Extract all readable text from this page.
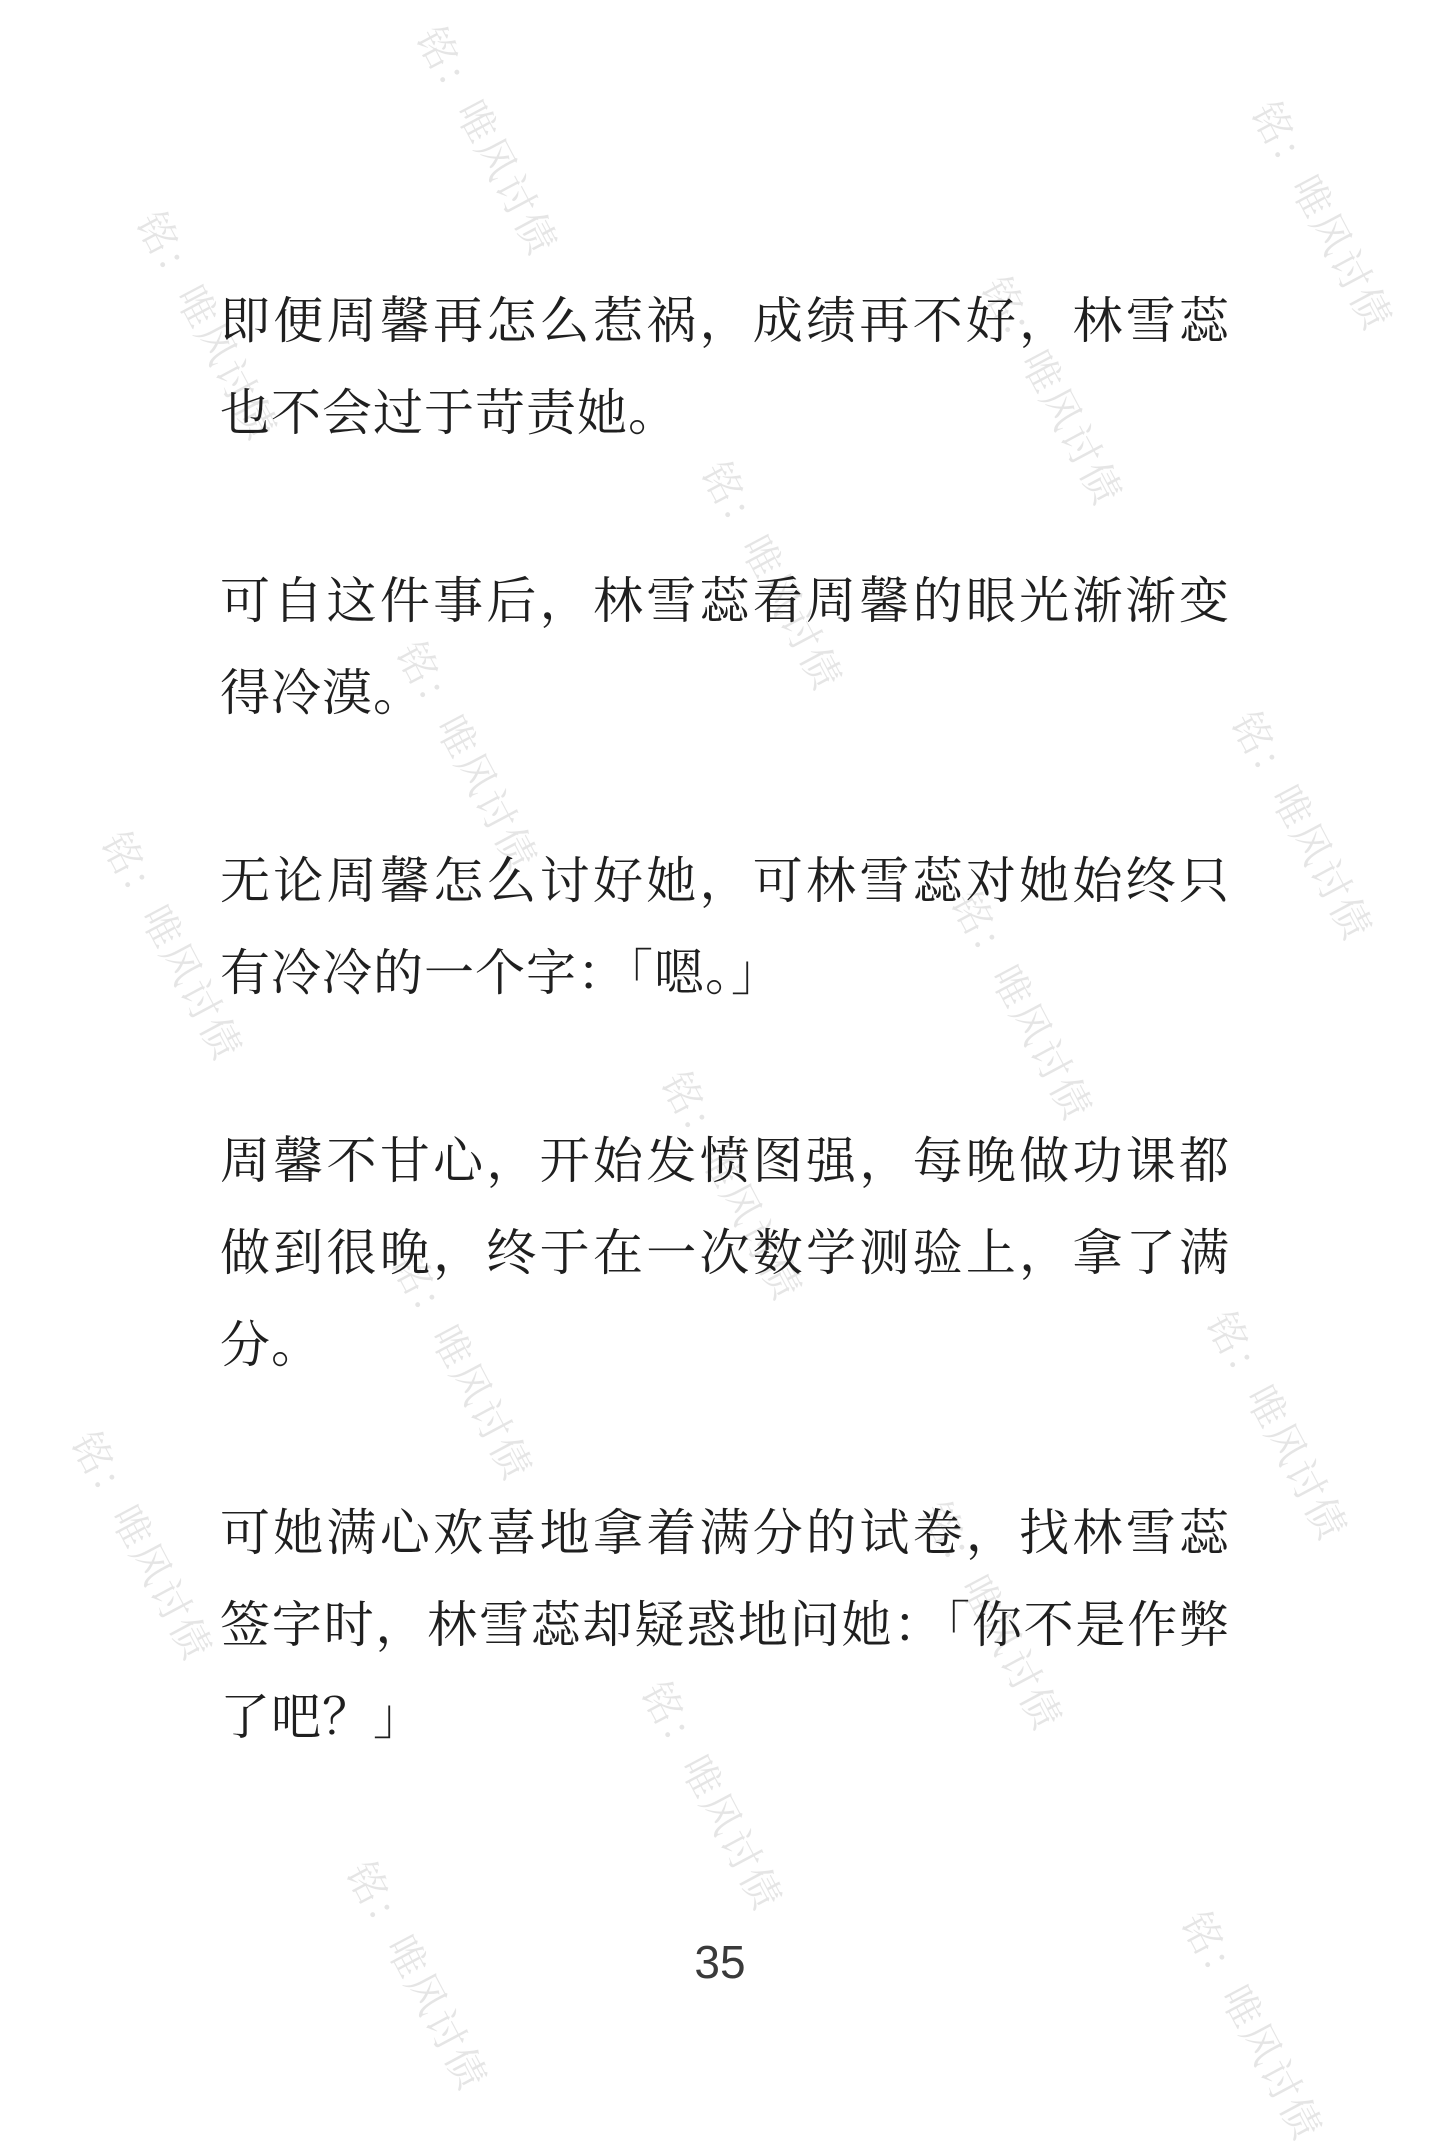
铭：唯风讨债	铭：唯风讨债
铭：唯风讨债	铭：唯风讨债
铭：唯风讨债
铭：唯风讨债	铭：唯风讨债
铭：唯风讨债	铭：唯风讨债
铭：唯风讨债
铭：唯风讨债	铭：唯风讨债
铭：唯风讨债	铭：唯风讨债
铭：唯风讨债
铭：唯风讨债	铭：唯风讨债

即便周馨再怎么惹祸，成绩再不好，林雪蕊也不会过于苛责她。

可自这件事后，林雪蕊看周馨的眼光渐渐变得冷漠。

无论周馨怎么讨好她，可林雪蕊对她始终只有冷冷的一个字：「嗯。」

周馨不甘心，开始发愤图强，每晚做功课都做到很晚，终于在一次数学测验上，拿了满分。

可她满心欢喜地拿着满分的试卷，找林雪蕊签字时，林雪蕊却疑惑地问她：「你不是作弊了吧？」

35
